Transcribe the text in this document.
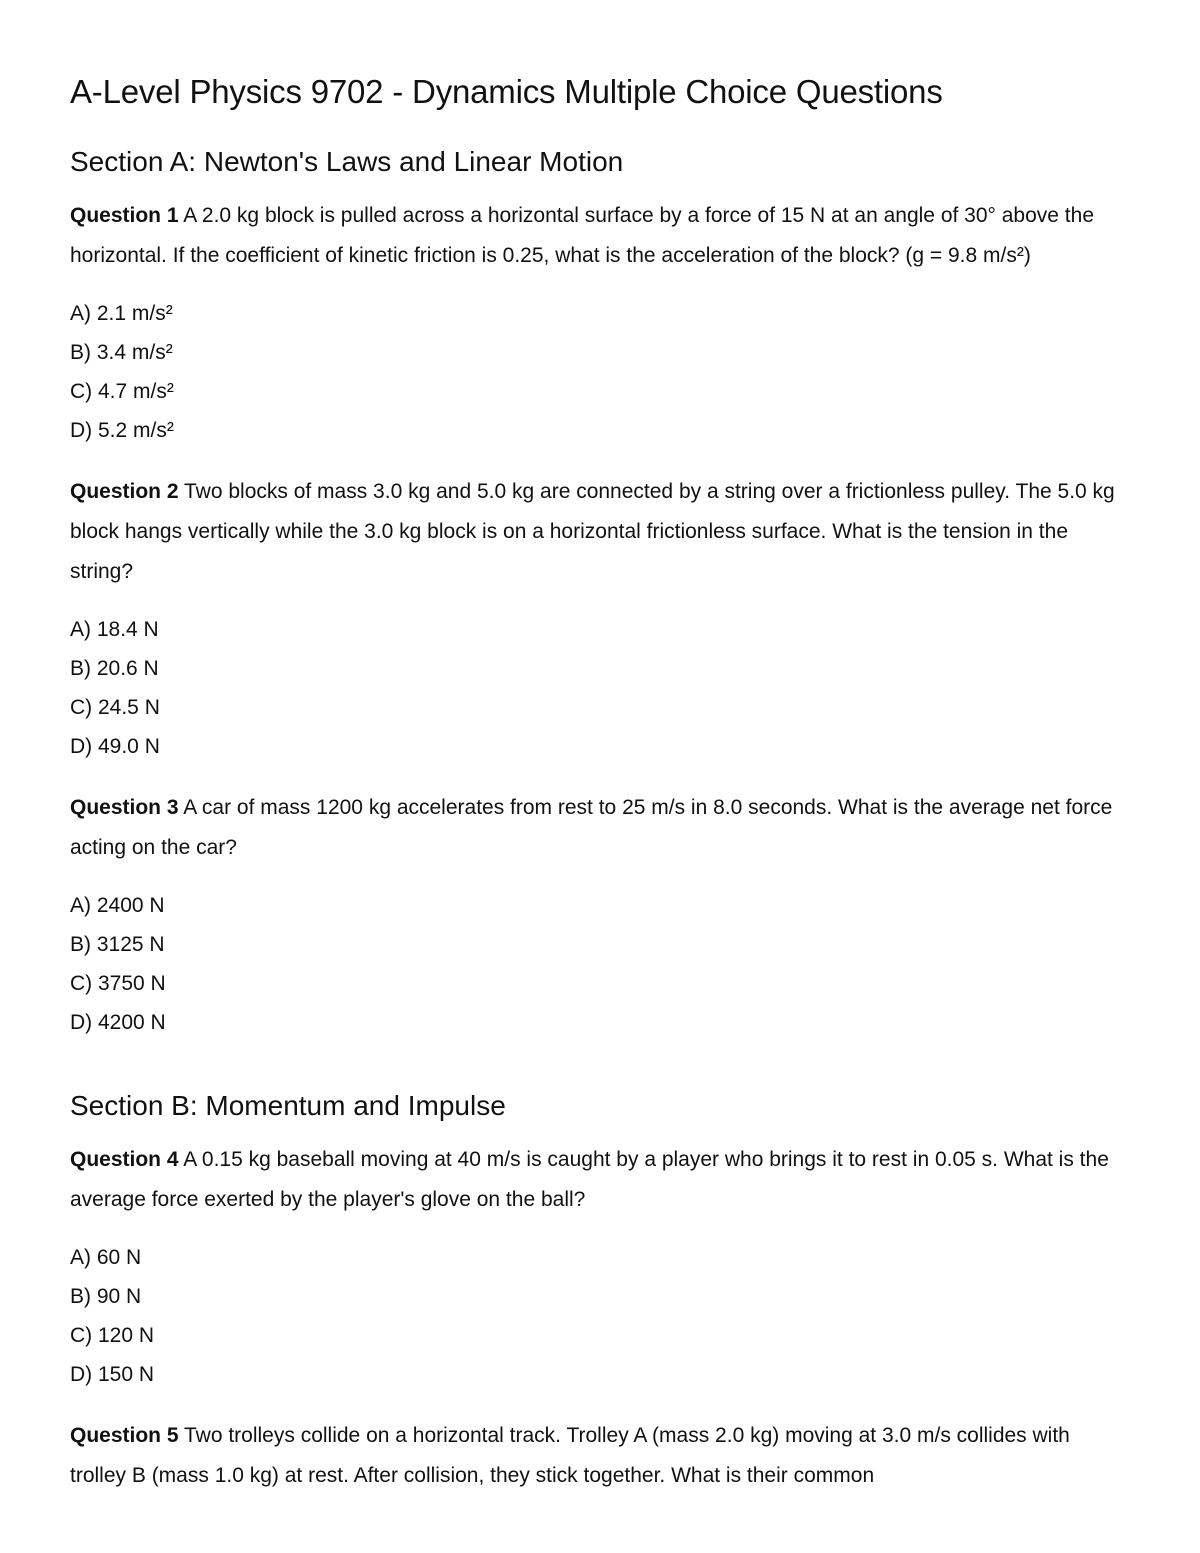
A-Level Physics 9702 - Dynamics Multiple Choice Questions
Section A: Newton's Laws and Linear Motion

Question 1 A 2.0 kg block is pulled across a horizontal surface by a force of 15 N at an angle of 30° above the horizontal. If the coefficient of kinetic friction is 0.25, what is the acceleration of the block? (g = 9.8 m/s²)

A) 2.1 m/s²
B) 3.4 m/s²
C) 4.7 m/s²
D) 5.2 m/s²

Question 2 Two blocks of mass 3.0 kg and 5.0 kg are connected by a string over a frictionless pulley. The 5.0 kg block hangs vertically while the 3.0 kg block is on a horizontal frictionless surface. What is the tension in the string?

A) 18.4 N
B) 20.6 N
C) 24.5 N
D) 49.0 N

Question 3 A car of mass 1200 kg accelerates from rest to 25 m/s in 8.0 seconds. What is the average net force acting on the car?

A) 2400 N
B) 3125 N
C) 3750 N
D) 4200 N
Section B: Momentum and Impulse

Question 4 A 0.15 kg baseball moving at 40 m/s is caught by a player who brings it to rest in 0.05 s. What is the average force exerted by the player's glove on the ball?

A) 60 N
B) 90 N
C) 120 N
D) 150 N

Question 5 Two trolleys collide on a horizontal track. Trolley A (mass 2.0 kg) moving at 3.0 m/s collides with trolley B (mass 1.0 kg) at rest. After collision, they stick together. What is their common
